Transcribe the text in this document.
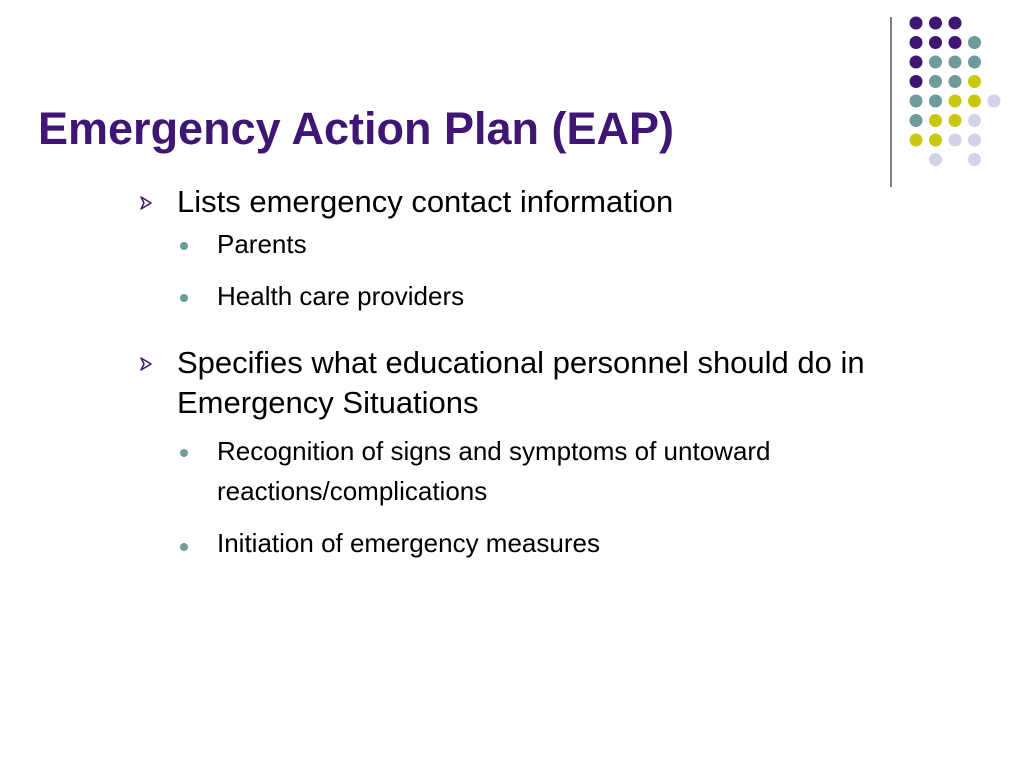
Emergency Action Plan (EAP)
Lists emergency contact information
Parents
Health care providers
Specifies what educational personnel should do in Emergency Situations
Recognition of signs and symptoms of untoward reactions/complications
Initiation of emergency measures
